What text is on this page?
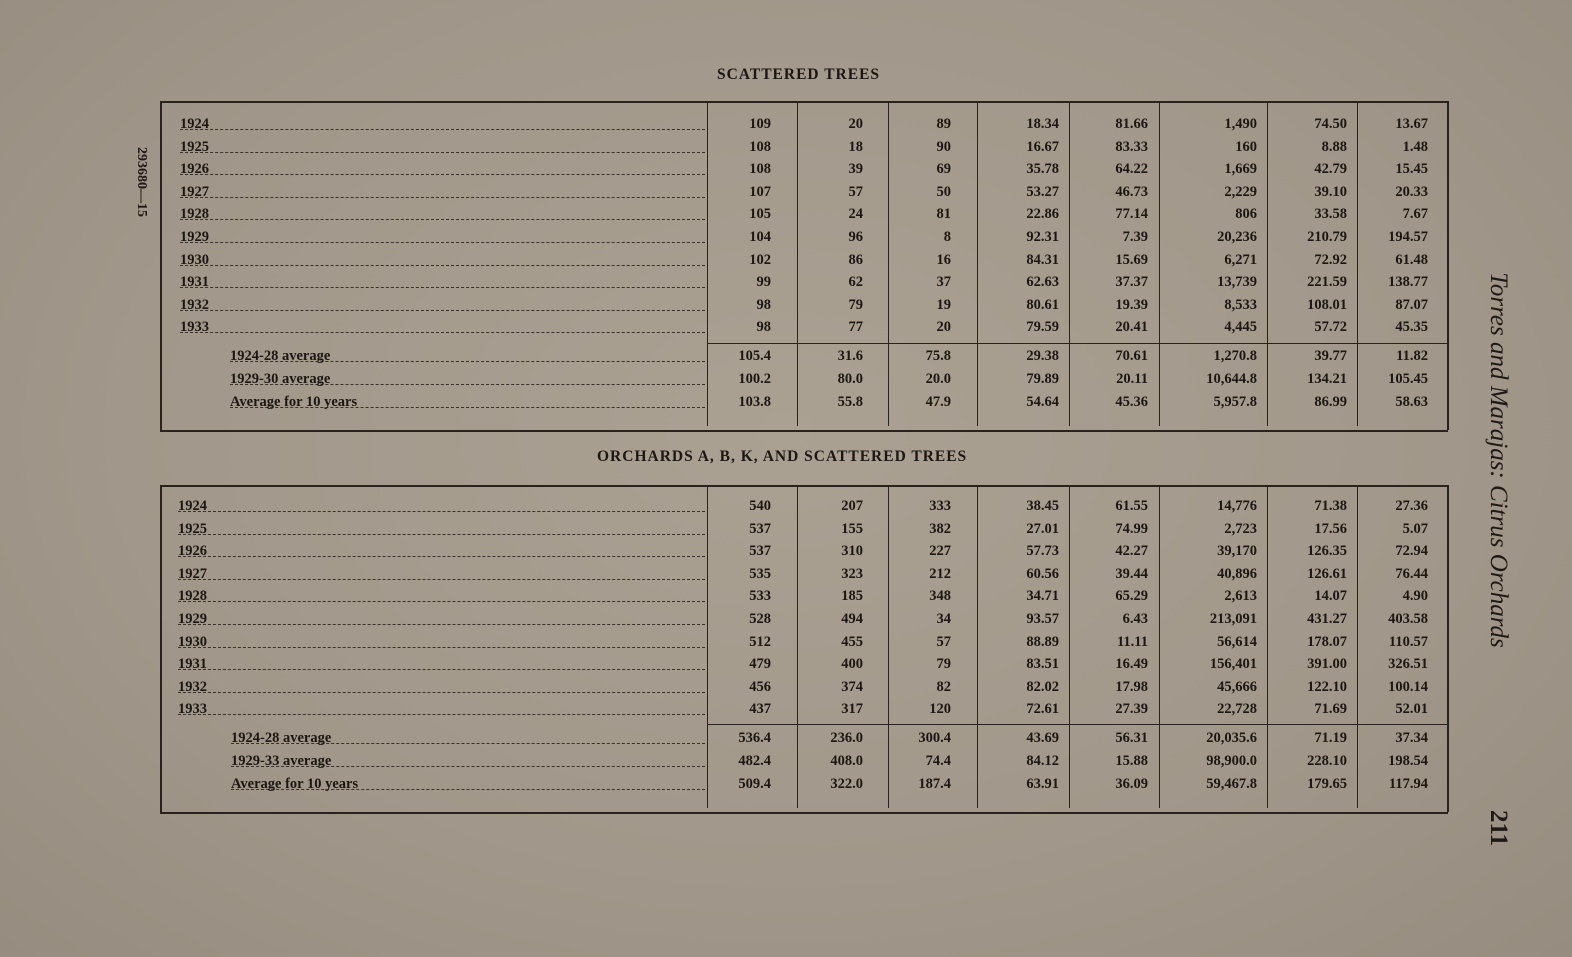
SCATTERED TREES
ORCHARDS A, B, K, AND SCATTERED TREES
1924	109	20	89	18.34	81.66	1,490	74.50	13.67
1925	108	18	90	16.67	83.33	160	8.88	1.48
1926	108	39	69	35.78	64.22	1,669	42.79	15.45
1927	107	57	50	53.27	46.73	2,229	39.10	20.33
1928	105	24	81	22.86	77.14	806	33.58	7.67
1929	104	96	8	92.31	7.39	20,236	210.79	194.57
1930	102	86	16	84.31	15.69	6,271	72.92	61.48
1931	99	62	37	62.63	37.37	13,739	221.59	138.77
1932	98	79	19	80.61	19.39	8,533	108.01	87.07
1933	98	77	20	79.59	20.41	4,445	57.72	45.35
1924-28 average	105.4	31.6	75.8	29.38	70.61	1,270.8	39.77	11.82
1929-30 average	100.2	80.0	20.0	79.89	20.11	10,644.8	134.21	105.45
Average for 10 years	103.8	55.8	47.9	54.64	45.36	5,957.8	86.99	58.63
1924	540	207	333	38.45	61.55	14,776	71.38	27.36
1925	537	155	382	27.01	74.99	2,723	17.56	5.07
1926	537	310	227	57.73	42.27	39,170	126.35	72.94
1927	535	323	212	60.56	39.44	40,896	126.61	76.44
1928	533	185	348	34.71	65.29	2,613	14.07	4.90
1929	528	494	34	93.57	6.43	213,091	431.27	403.58
1930	512	455	57	88.89	11.11	56,614	178.07	110.57
1931	479	400	79	83.51	16.49	156,401	391.00	326.51
1932	456	374	82	82.02	17.98	45,666	122.10	100.14
1933	437	317	120	72.61	27.39	22,728	71.69	52.01
1924-28 average	536.4	236.0	300.4	43.69	56.31	20,035.6	71.19	37.34
1929-33 average	482.4	408.0	74.4	84.12	15.88	98,900.0	228.10	198.54
Average for 10 years	509.4	322.0	187.4	63.91	36.09	59,467.8	179.65	117.94
Torres and Marajas: Citrus Orchards
211
293680—15
